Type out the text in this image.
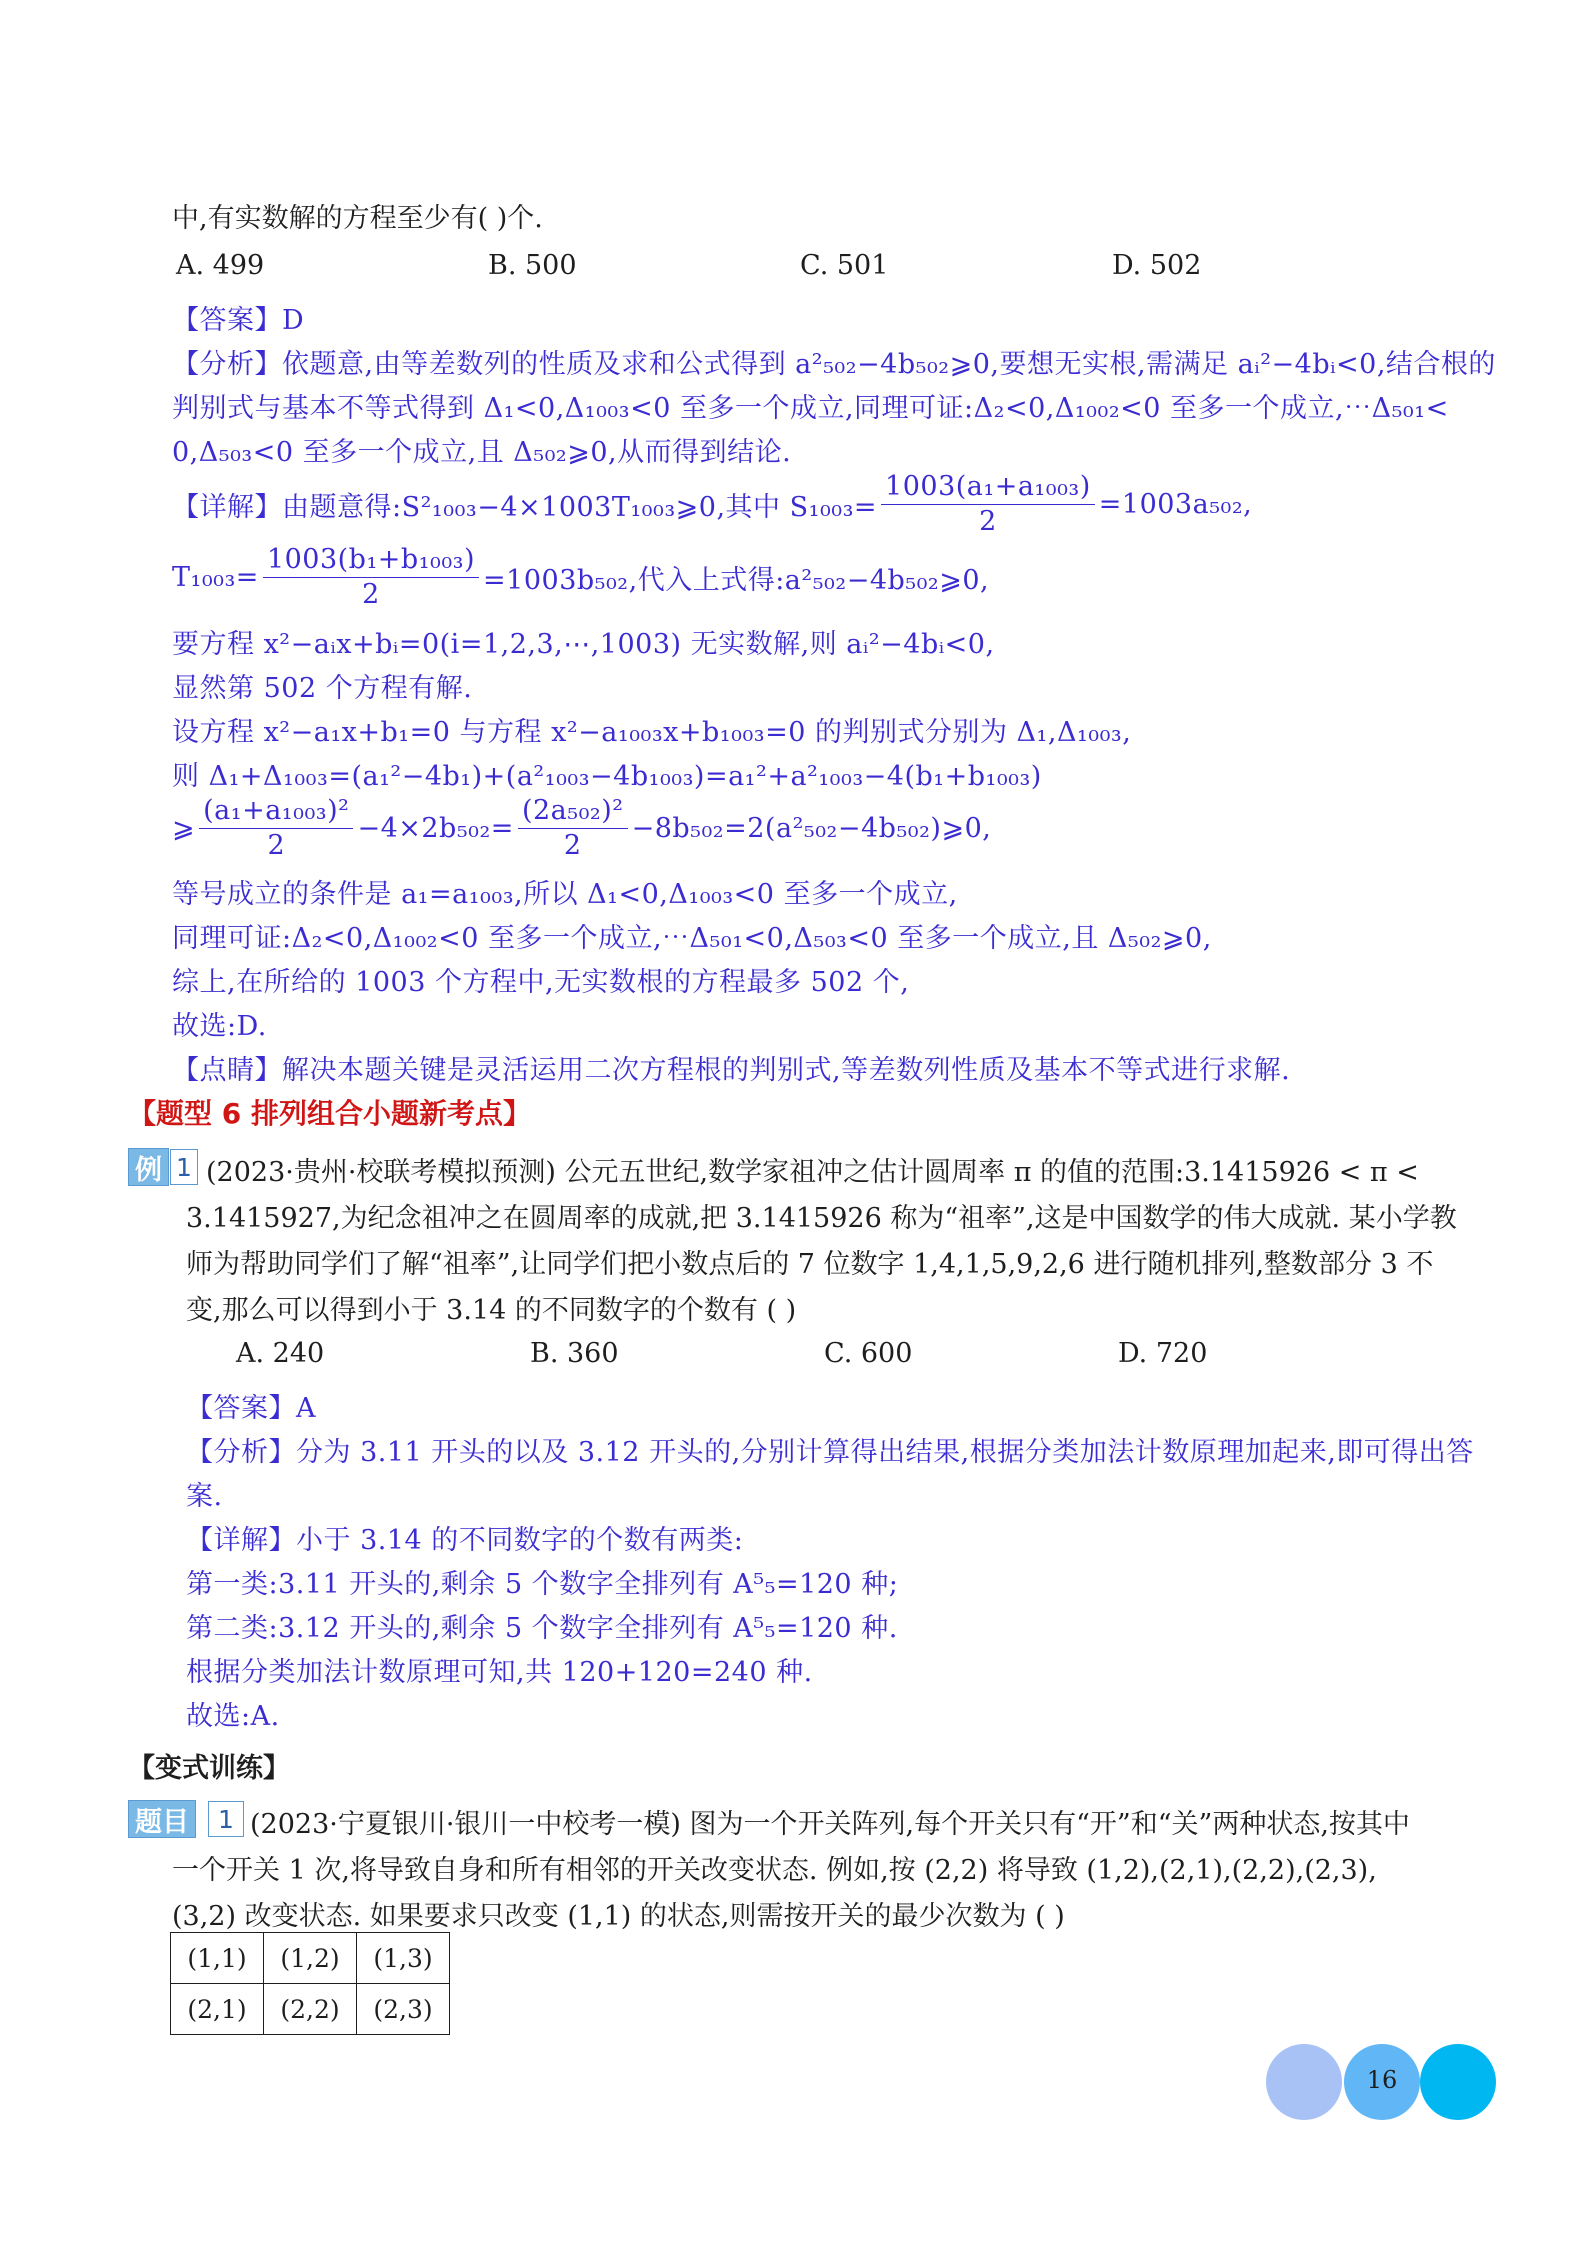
中,有实数解的方程至少有( )个.
A. 499	B. 500	C. 501	D. 502
【答案】D
【分析】依题意,由等差数列的性质及求和公式得到 a²₅₀₂−4b₅₀₂⩾0,要想无实根,需满足 aᵢ²−4bᵢ<0,结合根的
判别式与基本不等式得到 Δ₁<0,Δ₁₀₀₃<0 至多一个成立,同理可证:Δ₂<0,Δ₁₀₀₂<0 至多一个成立,⋯Δ₅₀₁<
0,Δ₅₀₃<0 至多一个成立,且 Δ₅₀₂⩾0,从而得到结论.
【详解】由题意得:S²₁₀₀₃−4×1003T₁₀₀₃⩾0,其中 $S_{1003}= \frac{\text{1003(a₁+a₁₀₀₃)}}{2} =1003a_{502}$,
$T_{1003}= \frac{\text{1003(b₁+b₁₀₀₃)}}{2} =1003b_{502}$,代入上式得:a²₅₀₂−4b₅₀₂⩾0,
要方程 x²−aᵢx+bᵢ=0(i=1,2,3,⋯,1003) 无实数解,则 aᵢ²−4bᵢ<0,
显然第 502 个方程有解.
设方程 x²−a₁x+b₁=0 与方程 x²−a₁₀₀₃x+b₁₀₀₃=0 的判别式分别为 Δ₁,Δ₁₀₀₃,
则 Δ₁+Δ₁₀₀₃=(a₁²−4b₁)+(a²₁₀₀₃−4b₁₀₀₃)=a₁²+a²₁₀₀₃−4(b₁+b₁₀₀₃)
⩾ $\frac{\text{(a₁+a₁₀₀₃)²}}{2} -4\times 2b_{502}= \frac{\text{(2a₅₀₂)²}}{2}$ −8b₅₀₂=2(a²₅₀₂−4b₅₀₂)⩾0,
等号成立的条件是 a₁=a₁₀₀₃,所以 Δ₁<0,Δ₁₀₀₃<0 至多一个成立,
同理可证:Δ₂<0,Δ₁₀₀₂<0 至多一个成立,⋯Δ₅₀₁<0,Δ₅₀₃<0 至多一个成立,且 Δ₅₀₂⩾0,
综上,在所给的 1003 个方程中,无实数根的方程最多 502 个,
故选:D.
【点睛】解决本题关键是灵活运用二次方程根的判别式,等差数列性质及基本不等式进行求解.
【题型 6 排列组合小题新考点】
例 1 (2023·贵州·校联考模拟预测) 公元五世纪,数学家祖冲之估计圆周率 π 的值的范围:3.1415926 < π <
3.1415927,为纪念祖冲之在圆周率的成就,把 3.1415926 称为“祖率”,这是中国数学的伟大成就. 某小学教
师为帮助同学们了解“祖率”,让同学们把小数点后的 7 位数字 1,4,1,5,9,2,6 进行随机排列,整数部分 3 不
变,那么可以得到小于 3.14 的不同数字的个数有 ( )
A. 240	B. 360	C. 600	D. 720
【答案】A
【分析】分为 3.11 开头的以及 3.12 开头的,分别计算得出结果,根据分类加法计数原理加起来,即可得出答
案.
【详解】小于 3.14 的不同数字的个数有两类:
第一类:3.11 开头的,剩余 5 个数字全排列有 A⁵₅=120 种;
第二类:3.12 开头的,剩余 5 个数字全排列有 A⁵₅=120 种.
根据分类加法计数原理可知,共 120+120=240 种.
故选:A.
【变式训练】
题目	1 (2023·宁夏银川·银川一中校考一模) 图为一个开关阵列,每个开关只有“开”和“关”两种状态,按其中
一个开关 1 次,将导致自身和所有相邻的开关改变状态. 例如,按 (2,2) 将导致 (1,2),(2,1),(2,2),(2,3),
(3,2) 改变状态. 如果要求只改变 (1,1) 的状态,则需按开关的最少次数为 ( )
(1,1)	(1,2)	(1,3)
(2,1)	(2,2)	(2,3)
16
